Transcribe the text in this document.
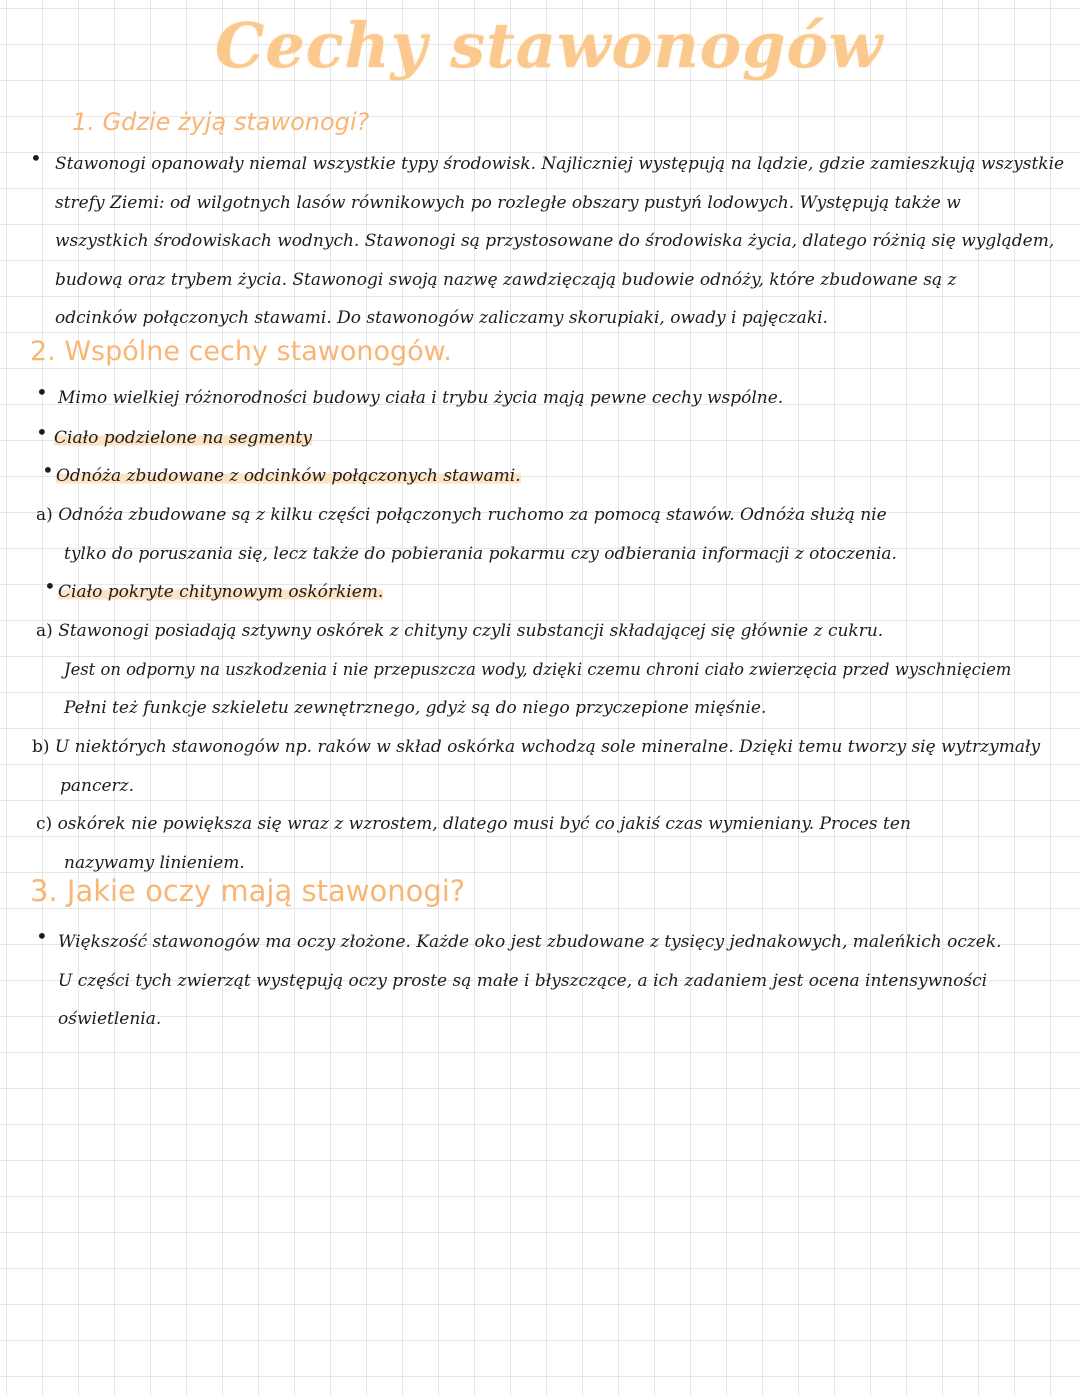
Cechy stawonogów
1. Gdzie żyją stawonogi?
• Stawonogi opanowały niemal wszystkie typy środowisk. Najliczniej występują na lądzie, gdzie zamieszkują wszystkie
strefy Ziemi: od wilgotnych lasów równikowych po rozległe obszary pustyń lodowych. Występują także w
wszystkich środowiskach wodnych. Stawonogi są przystosowane do środowiska życia, dlatego różnią się wyglądem,
budową oraz trybem życia. Stawonogi swoją nazwę zawdzięczają budowie odnóży, które zbudowane są z
odcinków połączonych stawami. Do stawonogów zaliczamy skorupiaki, owady i pajęczaki.
2. Wspólne cechy stawonogów.
• Mimo wielkiej różnorodności budowy ciała i trybu życia mają pewne cechy wspólne.
• Ciało podzielone na segmenty
• Odnóża zbudowane z odcinków połączonych stawami.
a) Odnóża zbudowane są z kilku części połączonych ruchomo za pomocą stawów. Odnóża służą nie
tylko do poruszania się, lecz także do pobierania pokarmu czy odbierania informacji z otoczenia.
• Ciało pokryte chitynowym oskórkiem.
a) Stawonogi posiadają sztywny oskórek z chityny czyli substancji składającej się głównie z cukru.
Jest on odporny na uszkodzenia i nie przepuszcza wody, dzięki czemu chroni ciało zwierzęcia przed wyschnięciem
Pełni też funkcje szkieletu zewnętrznego, gdyż są do niego przyczepione mięśnie.
b) U niektórych stawonogów np. raków w skład oskórka wchodzą sole mineralne. Dzięki temu tworzy się wytrzymały
pancerz.
c) oskórek nie powiększa się wraz z wzrostem, dlatego musi być co jakiś czas wymieniany. Proces ten
nazywamy linieniem.
3. Jakie oczy mają stawonogi?
• Większość stawonogów ma oczy złożone. Każde oko jest zbudowane z tysięcy jednakowych, maleńkich oczek.
U części tych zwierząt występują oczy proste są małe i błyszczące, a ich zadaniem jest ocena intensywności
oświetlenia.
